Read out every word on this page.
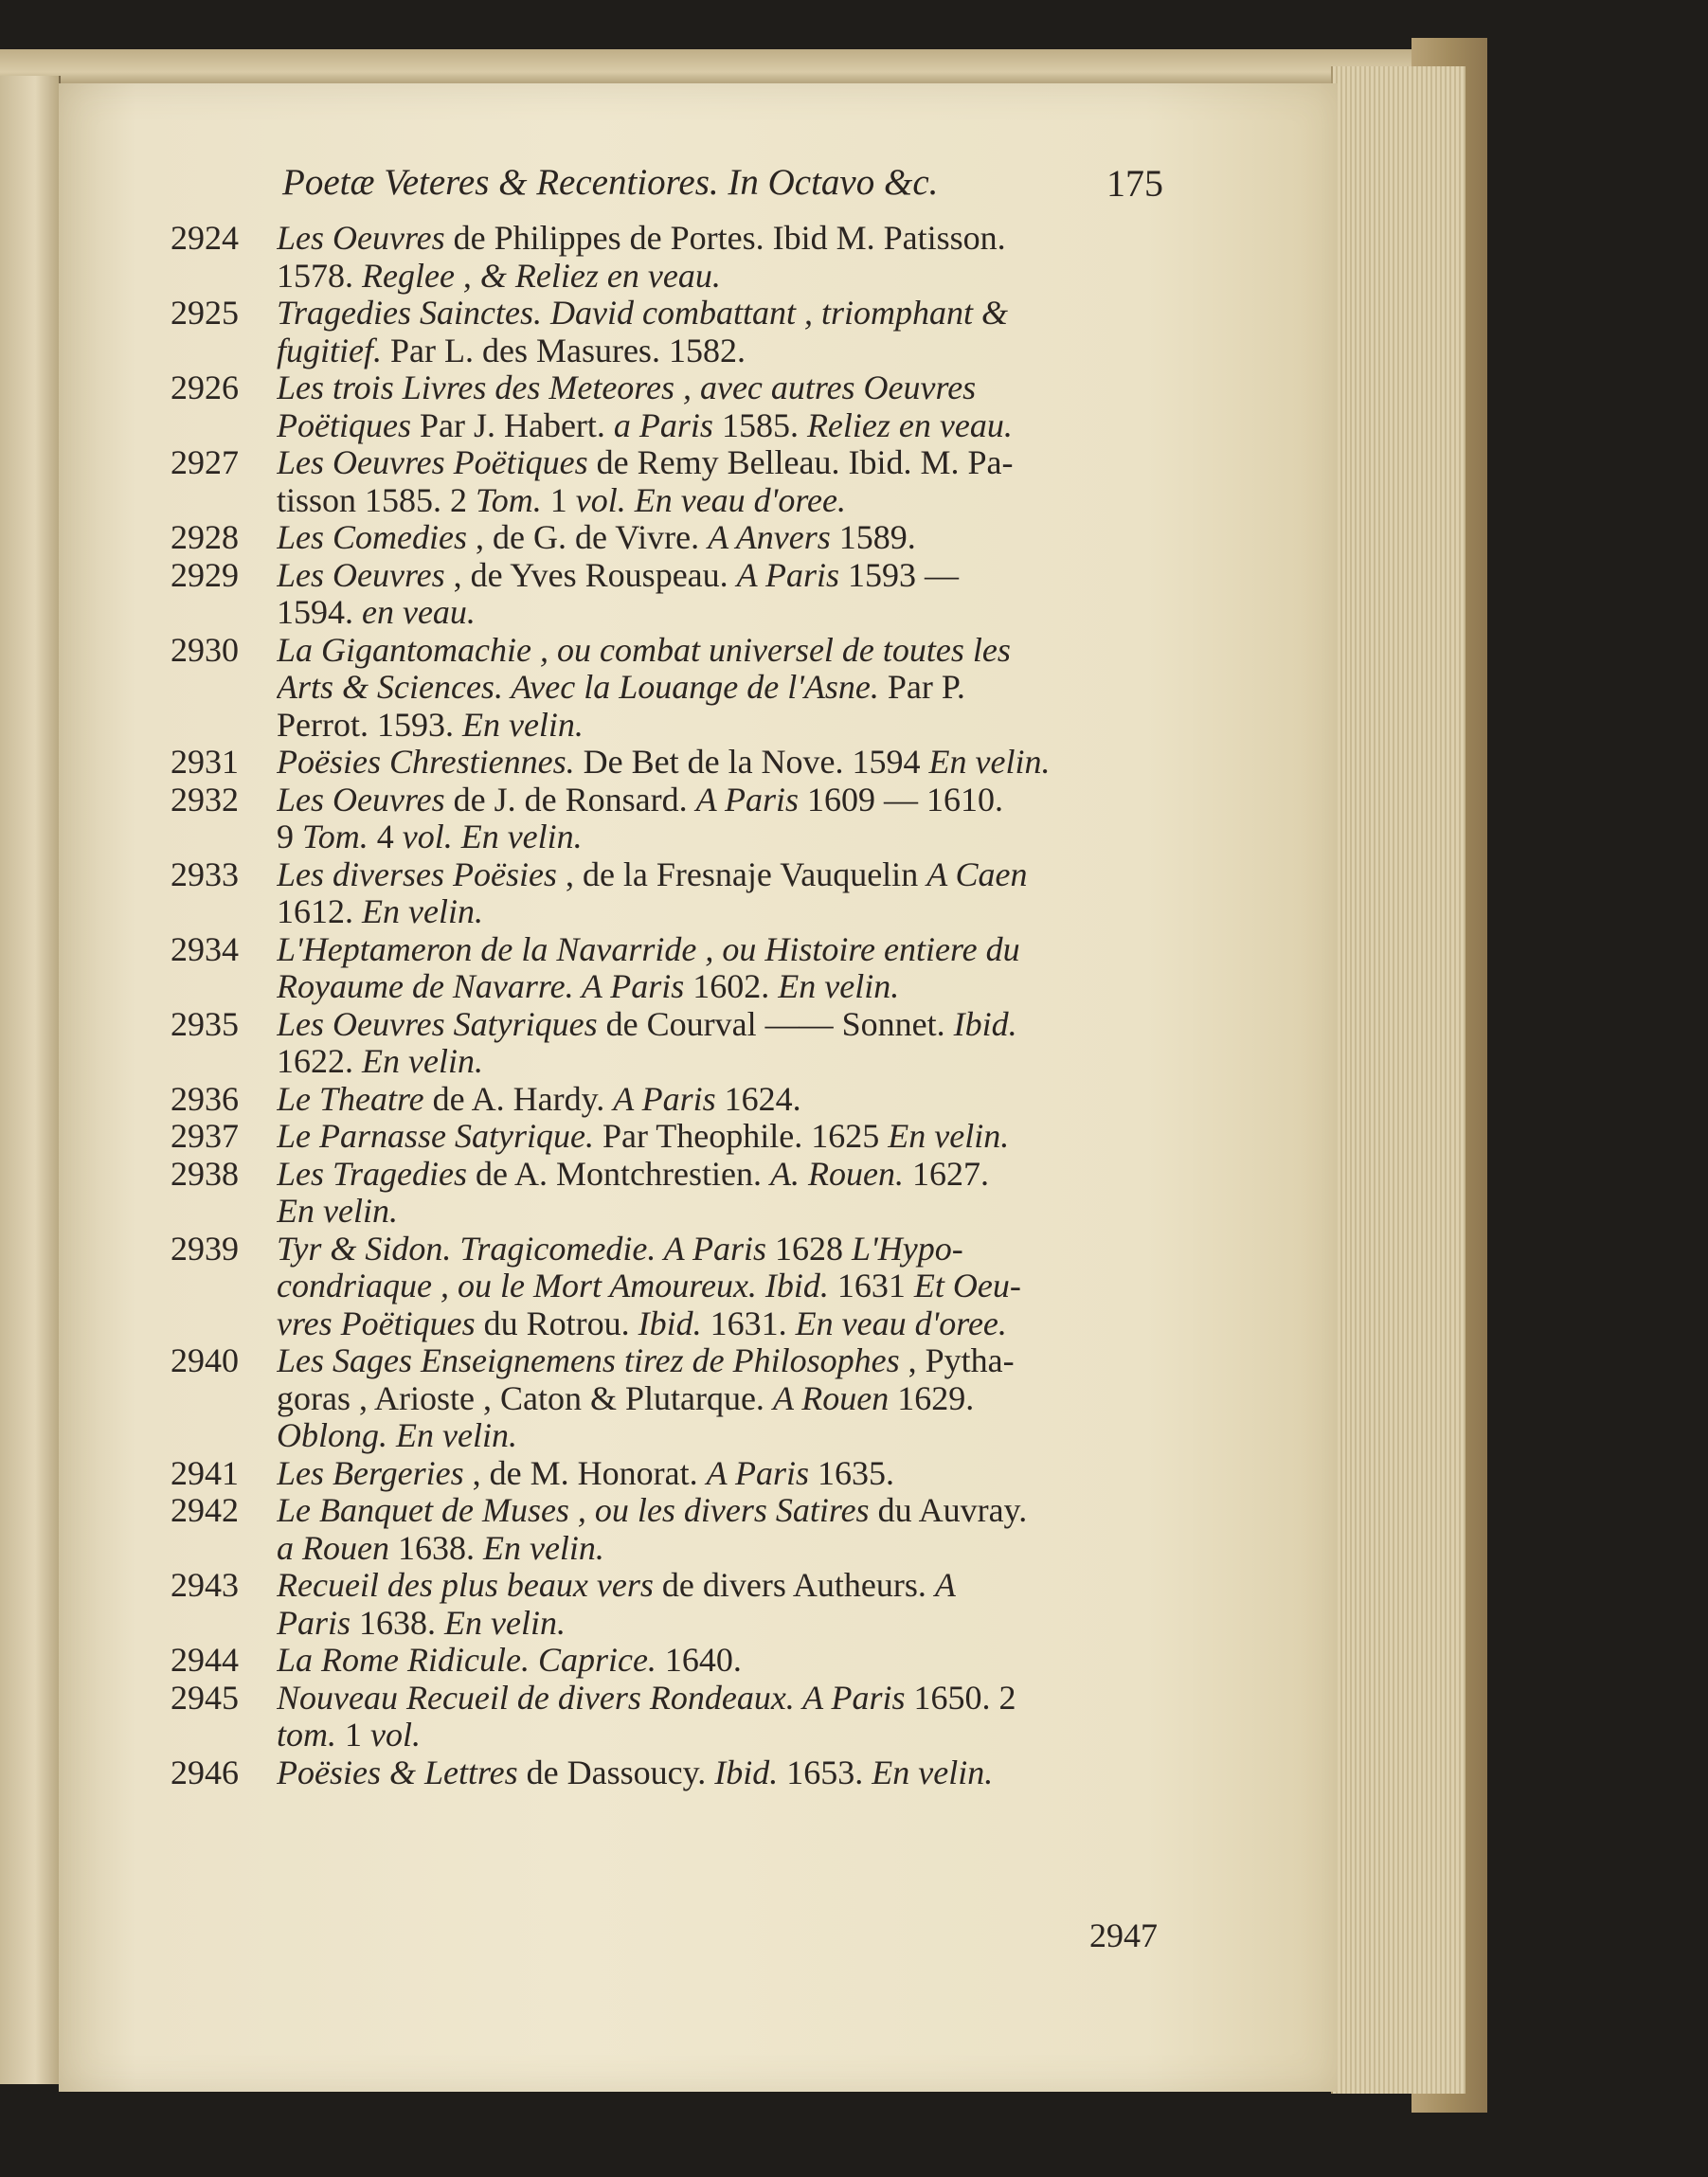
Poetæ Veteres & Recentiores. In Octavo &c.	175
2924	Les Oeuvres de Philippes de Portes. Ibid M. Patisson.
1578. Reglee , & Reliez en veau.
2925	Tragedies Sainctes. David combattant , triomphant &
fugitief. Par L. des Masures. 1582.
2926	Les trois Livres des Meteores , avec autres Oeuvres
Poëtiques Par J. Habert. a Paris 1585. Reliez en veau.
2927	Les Oeuvres Poëtiques de Remy Belleau. Ibid. M. Pa-
tisson 1585. 2 Tom. 1 vol. En veau d'oree.
2928	Les Comedies , de G. de Vivre. A Anvers 1589.
2929	Les Oeuvres , de Yves Rouspeau. A Paris 1593 —
1594. en veau.
2930	La Gigantomachie , ou combat universel de toutes les
Arts & Sciences. Avec la Louange de l'Asne. Par P.
Perrot. 1593. En velin.
2931	Poësies Chrestiennes. De Bet de la Nove. 1594 En velin.
2932	Les Oeuvres de J. de Ronsard. A Paris 1609 — 1610.
9 Tom. 4 vol. En velin.
2933	Les diverses Poësies , de la Fresnaje Vauquelin A Caen
1612. En velin.
2934	L'Heptameron de la Navarride , ou Histoire entiere du
Royaume de Navarre. A Paris 1602. En velin.
2935	Les Oeuvres Satyriques de Courval —— Sonnet. Ibid.
1622. En velin.
2936	Le Theatre de A. Hardy. A Paris 1624.
2937	Le Parnasse Satyrique. Par Theophile. 1625 En velin.
2938	Les Tragedies de A. Montchrestien. A. Rouen. 1627.
En velin.
2939	Tyr & Sidon. Tragicomedie. A Paris 1628 L'Hypo-
condriaque , ou le Mort Amoureux. Ibid. 1631 Et Oeu-
vres Poëtiques du Rotrou. Ibid. 1631. En veau d'oree.
2940	Les Sages Enseignemens tirez de Philosophes , Pytha-
goras , Arioste , Caton & Plutarque. A Rouen 1629.
Oblong. En velin.
2941	Les Bergeries , de M. Honorat. A Paris 1635.
2942	Le Banquet de Muses , ou les divers Satires du Auvray.
a Rouen 1638. En velin.
2943	Recueil des plus beaux vers de divers Autheurs. A
Paris 1638. En velin.
2944	La Rome Ridicule. Caprice. 1640.
2945	Nouveau Recueil de divers Rondeaux. A Paris 1650. 2
tom. 1 vol.
2946	Poësies & Lettres de Dassoucy. Ibid. 1653. En velin.
2947
